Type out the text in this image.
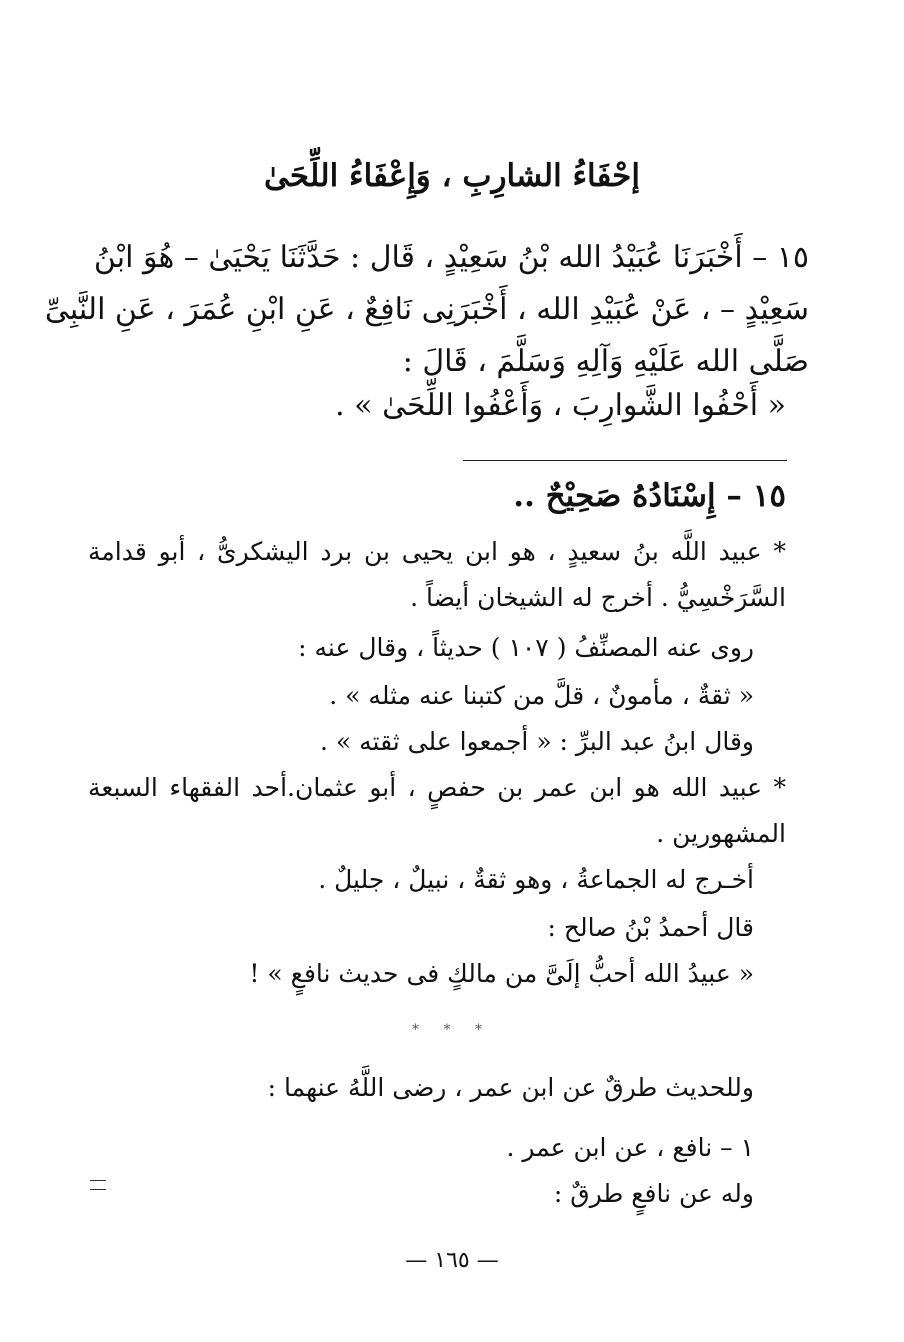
إحْفَاءُ الشارِبِ ، وَإِعْفَاءُ اللِّحَىٰ
١٥ – أَخْبَرَنَا عُبَيْدُ الله بْنُ سَعِيْدٍ ، قَال : حَدَّثَنَا يَحْيَىٰ – هُوَ ابْنُ
سَعِيْدٍ – ، عَنْ عُبَيْدِ الله ، أَخْبَرَنِى نَافِعٌ ، عَنِ ابْنِ عُمَرَ ، عَنِ النَّبِىِّ
صَلَّى الله عَلَيْهِ وَآلِهِ وَسَلَّمَ ، قَالَ :
« أَحْفُوا الشَّوارِبَ ، وَأَعْفُوا اللِّحَىٰ » .
١٥ – إِسْنَادُهُ صَحِيْحٌ ..
* عبيد اللَّه بنُ سعيدٍ ، هو ابن يحيى بن برد اليشكرىُّ ، أبو قدامة
السَّرَخْسِيُّ . أخرج له الشيخان أيضاً .
روى عنه المصنِّفُ ( ١٠٧ ) حديثاً ، وقال عنه :
« ثقةٌ ، مأمونٌ ، قلَّ من كتبنا عنه مثله » .
وقال ابنُ عبد البرِّ : « أجمعوا على ثقته » .
* عبيد الله هو ابن عمر بن حفصٍ ، أبو عثمان.أحد الفقهاء السبعة
المشهورين .
أخـرج له الجماعةُ ، وهو ثقةٌ ، نبيلٌ ، جليلٌ .
قال أحمدُ بْنُ صالح :
« عبيدُ الله أحبُّ إلَىَّ من مالكٍ فى حديث نافعٍ » !
* * *
وللحديث طرقٌ عن ابن عمر ، رضى اللَّهُ عنهما :
١ – نافع ، عن ابن عمر .
وله عن نافعٍ طرقٌ :
— ١٦٥ —
